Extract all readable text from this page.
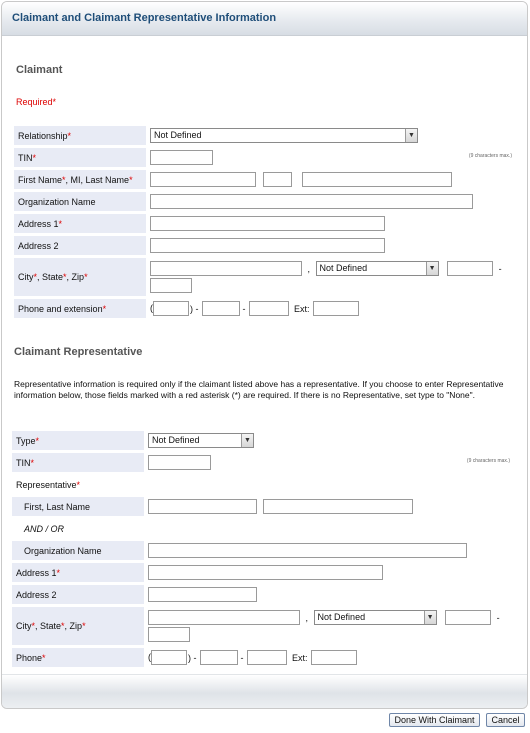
Claimant and Claimant Representative Information
Claimant
Required*
Relationship*	Not Defined ▼

TIN*	(9 characters max.)

First Name*, MI, Last Name*	
Organization Name	
Address 1*	
Address 2	
City*, State*, Zip*	, Not Defined ▼ -

Phone and extension*	( ) - - Ext:
Claimant Representative
Representative information is required only if the claimant listed above has a representative. If you choose to enter Representative information below, those fields marked with a red asterisk (*) are required. If there is no Representative, set type to "None".
Type*	Not Defined ▼

TIN*	(9 characters max.)

Representative*	
First, Last Name	
AND / OR	
Organization Name	
Address 1*	
Address 2	
City*, State*, Zip*	, Not Defined ▼ -

Phone*	( ) - - Ext:
Done With Claimant	Cancel
